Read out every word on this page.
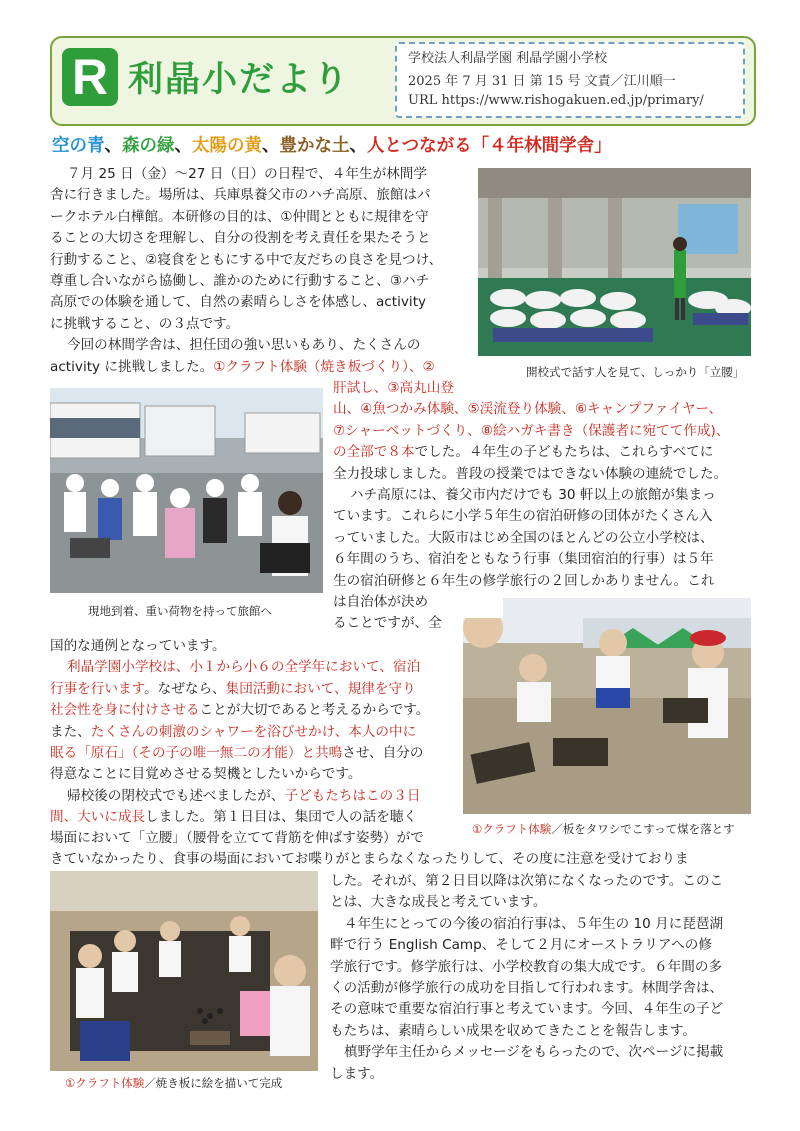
R 利晶小だより
学校法人利晶学園 利晶学園小学校
2025 年 7 月 31 日 第 15 号 文責／江川順一
URL https://www.rishogakuen.ed.jp/primary/
空の青、森の緑、太陽の黄、豊かな土、人とつながる「４年林間学舎」
開校式で話す人を見て、しっかり「立腰」
現地到着、重い荷物を持って旅館へ
①クラフト体験／板をタワシでこすって煤を落とす
①クラフト体験／焼き板に絵を描いて完成
７月 25 日（金）～27 日（日）の日程で、４年生が林間学
舎に行きました。場所は、兵庫県養父市のハチ高原、旅館はパ
ークホテル白樺館。本研修の目的は、①仲間とともに規律を守
ることの大切さを理解し、自分の役割を考え責任を果たそうと
行動すること、②寝食をともにする中で友だちの良さを見つけ、
尊重し合いながら協働し、誰かのために行動すること、③ハチ
高原での体験を通して、自然の素晴らしさを体感し、activity
に挑戦すること、の３点です。
今回の林間学舎は、担任団の強い思いもあり、たくさんの
activity に挑戦しました。①クラフト体験（焼き板づくり）、②
肝試し、③高丸山登
山、④魚つかみ体験、⑤渓流登り体験、⑥キャンプファイヤー、
⑦シャーベットづくり、⑧絵ハガキ書き（保護者に宛てて作成)、
の全部で８本でした。４年生の子どもたちは、これらすべてに
全力投球しました。普段の授業ではできない体験の連続でした。
ハチ高原には、養父市内だけでも 30 軒以上の旅館が集まっ
ています。これらに小学５年生の宿泊研修の団体がたくさん入
っていました。大阪市はじめ全国のほとんどの公立小学校は、
６年間のうち、宿泊をともなう行事（集団宿泊的行事）は５年
生の宿泊研修と６年生の修学旅行の２回しかありません。これ
は自治体が決め
ることですが、全
国的な通例となっています。
利晶学園小学校は、小１から小６の全学年において、宿泊
行事を行います。なぜなら、集団活動において、規律を守り
社会性を身に付けさせることが大切であると考えるからです。
また、たくさんの刺激のシャワーを浴びせかけ、本人の中に
眠る「原石」（その子の唯一無二の才能）と共鳴させ、自分の
得意なことに目覚めさせる契機としたいからです。
帰校後の閉校式でも述べましたが、子どもたちはこの３日
間、大いに成長しました。第１日目は、集団で人の話を聴く
場面において「立腰」（腰骨を立てて背筋を伸ばす姿勢）がで
きていなかったり、食事の場面においてお喋りがとまらなくなったりして、その度に注意を受けておりま
した。それが、第２日目以降は次第になくなったのです。このこ
とは、大きな成長と考えています。
４年生にとっての今後の宿泊行事は、５年生の 10 月に琵琶湖
畔で行う English Camp、そして２月にオーストラリアへの修
学旅行です。修学旅行は、小学校教育の集大成です。６年間の多
くの活動が修学旅行の成功を目指して行われます。林間学舎は、
その意味で重要な宿泊行事と考えています。今回、４年生の子ど
もたちは、素晴らしい成果を収めてきたことを報告します。
槙野学年主任からメッセージをもらったので、次ページに掲載
します。
